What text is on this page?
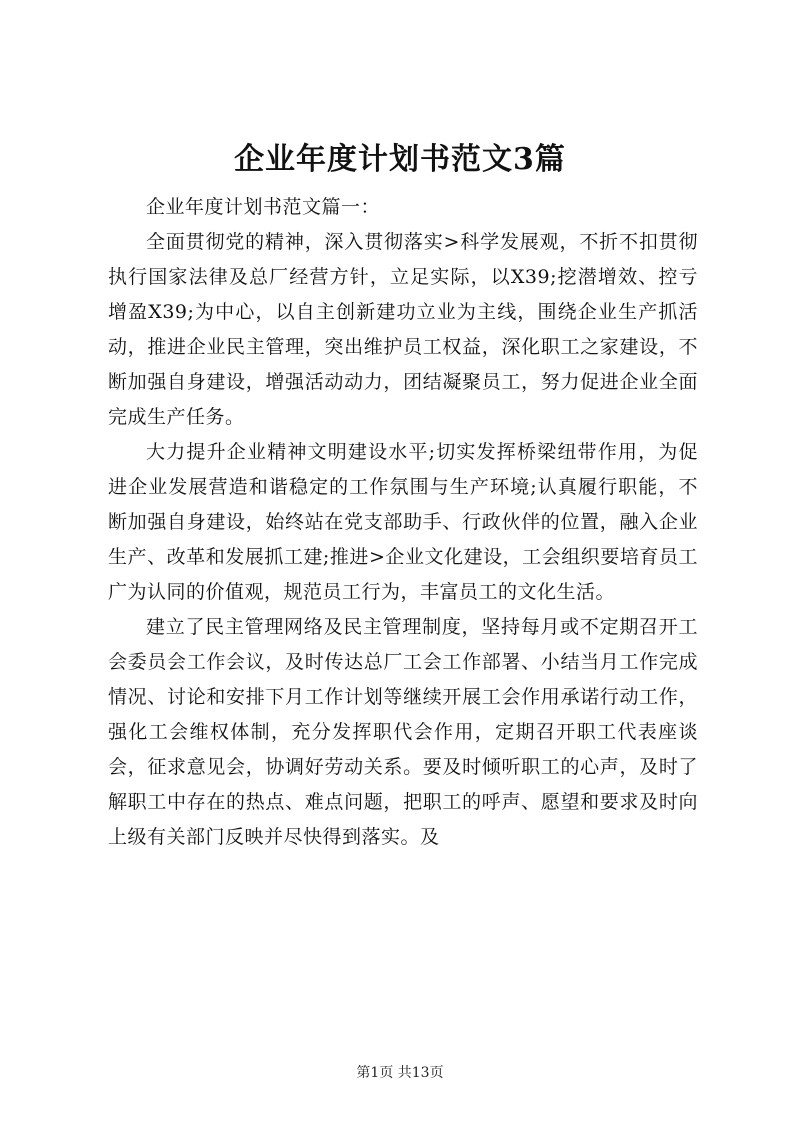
企业年度计划书范文3篇

企业年度计划书范文篇一：

全面贯彻党的精神，深入贯彻落实>科学发展观，不折不扣贯彻执行国家法律及总厂经营方针，立足实际，以X39;挖潜增效、控亏增盈X39;为中心，以自主创新建功立业为主线，围绕企业生产抓活动，推进企业民主管理，突出维护员工权益，深化职工之家建设，不断加强自身建设，增强活动动力，团结凝聚员工，努力促进企业全面完成生产任务。

大力提升企业精神文明建设水平;切实发挥桥梁纽带作用，为促进企业发展营造和谐稳定的工作氛围与生产环境;认真履行职能，不断加强自身建设，始终站在党支部助手、行政伙伴的位置，融入企业生产、改革和发展抓工建;推进>企业文化建设，工会组织要培育员工广为认同的价值观，规范员工行为，丰富员工的文化生活。

建立了民主管理网络及民主管理制度，坚持每月或不定期召开工会委员会工作会议，及时传达总厂工会工作部署、小结当月工作完成情况、讨论和安排下月工作计划等继续开展工会作用承诺行动工作，强化工会维权体制，充分发挥职代会作用，定期召开职工代表座谈会，征求意见会，协调好劳动关系。要及时倾听职工的心声，及时了解职工中存在的热点、难点问题，把职工的呼声、愿望和要求及时向上级有关部门反映并尽快得到落实。及

第1页 共13页
